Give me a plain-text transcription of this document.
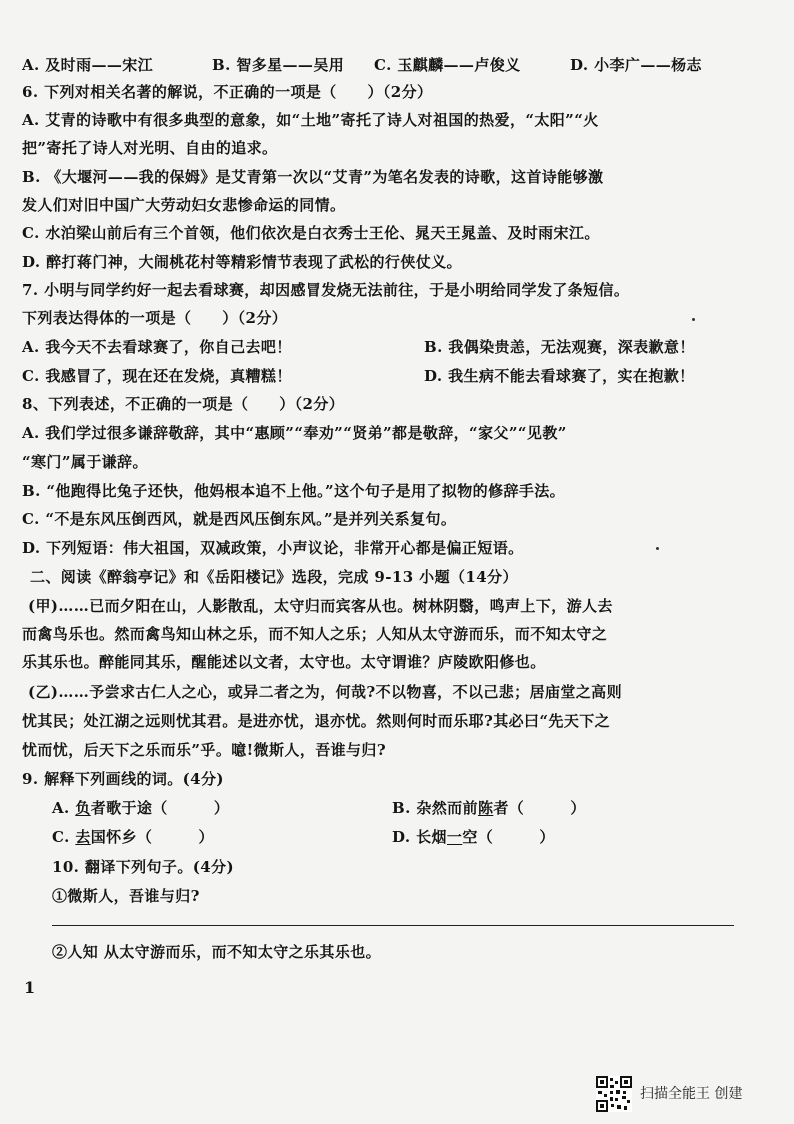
A. 及时雨——宋江	B. 智多星——吴用 C. 玉麒麟——卢俊义	D. 小李广——杨志
6. 下列对相关名著的解说，不正确的一项是（　　）（2分）
A. 艾青的诗歌中有很多典型的意象，如“土地”寄托了诗人对祖国的热爱，“太阳”“火
把”寄托了诗人对光明、自由的追求。
B. 《大堰河——我的保姆》是艾青第一次以“艾青”为笔名发表的诗歌，这首诗能够激
发人们对旧中国广大劳动妇女悲惨命运的同情。
C. 水泊梁山前后有三个首领，他们依次是白衣秀士王伦、晁天王晁盖、及时雨宋江。
D. 醉打蒋门神，大闹桃花村等精彩情节表现了武松的行侠仗义。
7. 小明与同学约好一起去看球赛，却因感冒发烧无法前往，于是小明给同学发了条短信。
下列表达得体的一项是（　　）（2分）
A. 我今天不去看球赛了，你自己去吧！	B. 我偶染贵恙，无法观赛，深表歉意！
C. 我感冒了，现在还在发烧，真糟糕！	D. 我生病不能去看球赛了，实在抱歉！
8、下列表述，不正确的一项是（　　）（2分）
A. 我们学过很多谦辞敬辞，其中“惠顾”“奉劝”“贤弟”都是敬辞，“家父”“见教”
“寒门”属于谦辞。
B. “他跑得比兔子还快，他妈根本追不上他。”这个句子是用了拟物的修辞手法。
C. “不是东风压倒西风，就是西风压倒东风。”是并列关系复句。
D. 下列短语：伟大祖国，双减政策，小声议论，非常开心都是偏正短语。
二、阅读《醉翁亭记》和《岳阳楼记》选段，完成 9-13 小题（14分）
(甲)……已而夕阳在山，人影散乱，太守归而宾客从也。树林阴翳，鸣声上下，游人去
而禽鸟乐也。然而禽鸟知山林之乐，而不知人之乐；人知从太守游而乐，而不知太守之
乐其乐也。醉能同其乐，醒能述以文者，太守也。太守谓谁？庐陵欧阳修也。
(乙)……予尝求古仁人之心，或异二者之为，何哉?不以物喜，不以己悲；居庙堂之高则
忧其民；处江湖之远则忧其君。是进亦忧，退亦忧。然则何时而乐耶?其必曰“先天下之
忧而忧，后天下之乐而乐”乎。噫!微斯人，吾谁与归?
9. 解释下列画线的词。(4分)
A. 负者歌于途（　　　）	B. 杂然而前陈者（　　　）
C. 去国怀乡（　　　）	D. 长烟一空（　　　）
10. 翻译下列句子。(4分)
①微斯人，吾谁与归?
②人知 从太守游而乐，而不知太守之乐其乐也。
1
扫描全能王 创建
